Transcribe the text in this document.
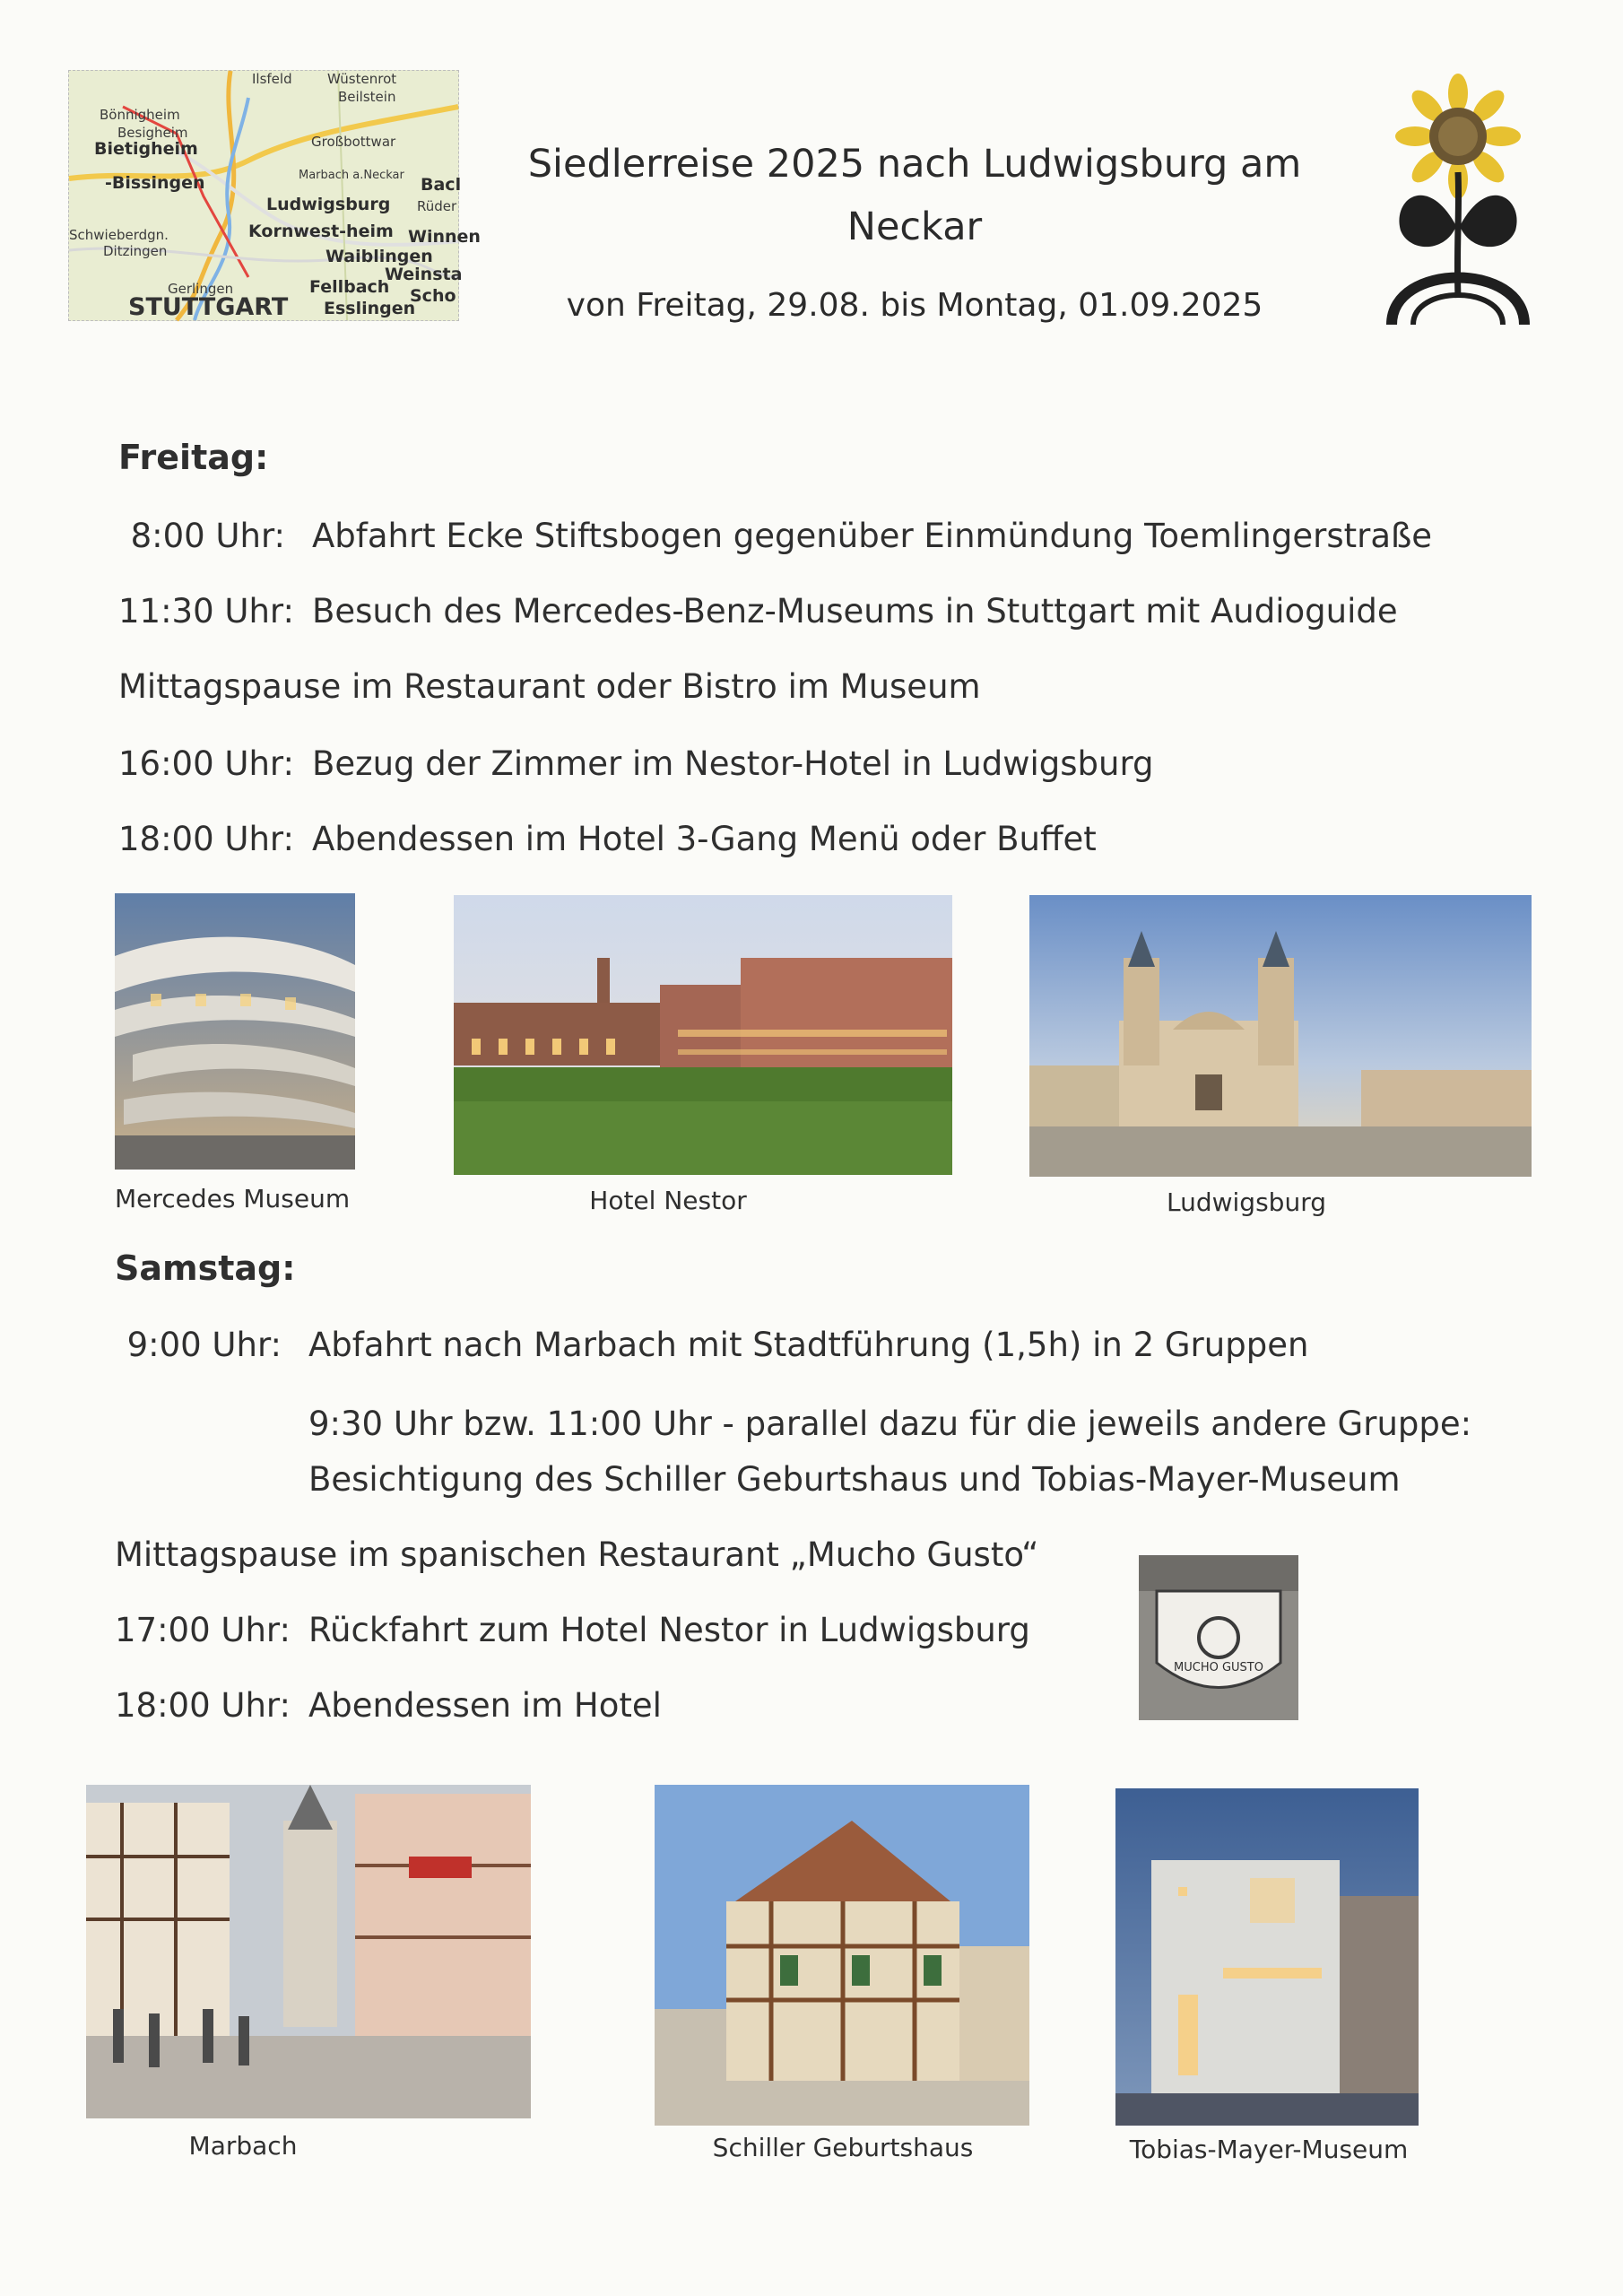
Ilsfeld	Wüstenrot
Beilstein
Bönnigheim
Besigheim
Bietigheim	Großbottwar
-Bissingen	Marbach a.Neckar
Ludwigsburg
Bacl
Rüder
Schwieberdgn.
Ditzingen
Kornwest-heim Winnen
Waiblingen
Weinsta
Gerlingen	Fellbach Scho
STUTTGART Esslingen
Siedlerreise 2025 nach Ludwigsburg am
Neckar
von Freitag, 29.08. bis Montag, 01.09.2025
Freitag:
8:00 Uhr: Abfahrt Ecke Stiftsbogen gegenüber Einmündung Toemlingerstraße
11:30 Uhr: Besuch des Mercedes-Benz-Museums in Stuttgart mit Audioguide
Mittagspause im Restaurant oder Bistro im Museum
16:00 Uhr: Bezug der Zimmer im Nestor-Hotel in Ludwigsburg
18:00 Uhr: Abendessen im Hotel 3-Gang Menü oder Buffet
Mercedes Museum	Hotel Nestor	Ludwigsburg
Samstag:
9:00 Uhr: Abfahrt nach Marbach mit Stadtführung (1,5h) in 2 Gruppen
9:30 Uhr bzw. 11:00 Uhr - parallel dazu für die jeweils andere Gruppe:
Besichtigung des Schiller Geburtshaus und Tobias-Mayer-Museum
Mittagspause im spanischen Restaurant „Mucho Gusto“
17:00 Uhr: Rückfahrt zum Hotel Nestor in Ludwigsburg
18:00 Uhr: Abendessen im Hotel
MUCHO GUSTO
Marbach	Schiller Geburtshaus	Tobias-Mayer-Museum
